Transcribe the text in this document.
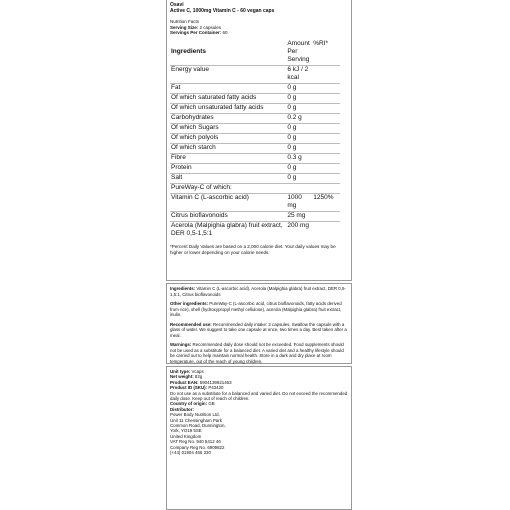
Osavi
Active C, 1000mg Vitamin C - 60 vegan caps
Nutrition Facts
Serving Size: 2 capsules
Servings Per Container: 60
Ingredients	Amount Per Serving	%RI*
Energy value	6 kJ / 2 kcal	
Fat	0 g	
Of which saturated fatty acids	0 g	
Of which unsaturated fatty acids	0 g	
Carbohydrates	0.2 g	
Of which Sugars	0 g	
Of which polyols	0 g	
Of which starch	0 g	
Fibre	0.3 g	
Protein	0 g	
Salt	0 g	
PureWay-C of which:		
Vitamin C (L-ascorbic acid)	1000 mg	1250%
Citrus bioflavonoids	25 mg	
Acerola (Malpighia glabra) fruit extract, DER 0,5-1,5:1	200 mg	
*Percent Daily Values are based on a 2,000 calorie diet. Your daily values may be higher or lower depending on your calorie needs.
Ingredients: Vitamin C (L-ascorbic acid), Acerola (Malpighia glabra) fruit extract, DER 0,5-1,5:1, Citrus bioflavonoids
Other ingredients: PureWay-C (L-ascorbic acid, citrus bioflavonoids, fatty acids derived from rice), shell (hydroxypropyl methyl cellulose), acerola (Malpighia glabra) fruit extract, inulin.
Recommended use: Recommended daily intake: 2 capsules. Swallow the capsule with a glass of water. We suggest to take one capsule at once, two times a day. Best taken after a meal.
Warnings: Recommended daily dose should not be exceeded. Food supplements should not be used as a substitute for a balanced diet. A varied diet and a healthy lifestyle should be carried out to help maintain normal health. Store in a dark and dry place at room temperature, out of the reach of young children.
Unit type: Vcaps
Net weight: 82g
Product EAN: 5904139921463
Product ID (SKU): P43420
Do not use as a substitute for a balanced and varied diet. Do not exceed the recommended daily dose. Keep out of reach of children.
Country of origin: GB
Distributor:
Power Body Nutrition Ltd.
Unit 11 Chessingham Park
Common Road, Dunnington,
York, YO19 5SE
United Kingdom
VAT Reg No. 940 5412 46
Company Reg No. 6909822
(+44) 01904 466 330
